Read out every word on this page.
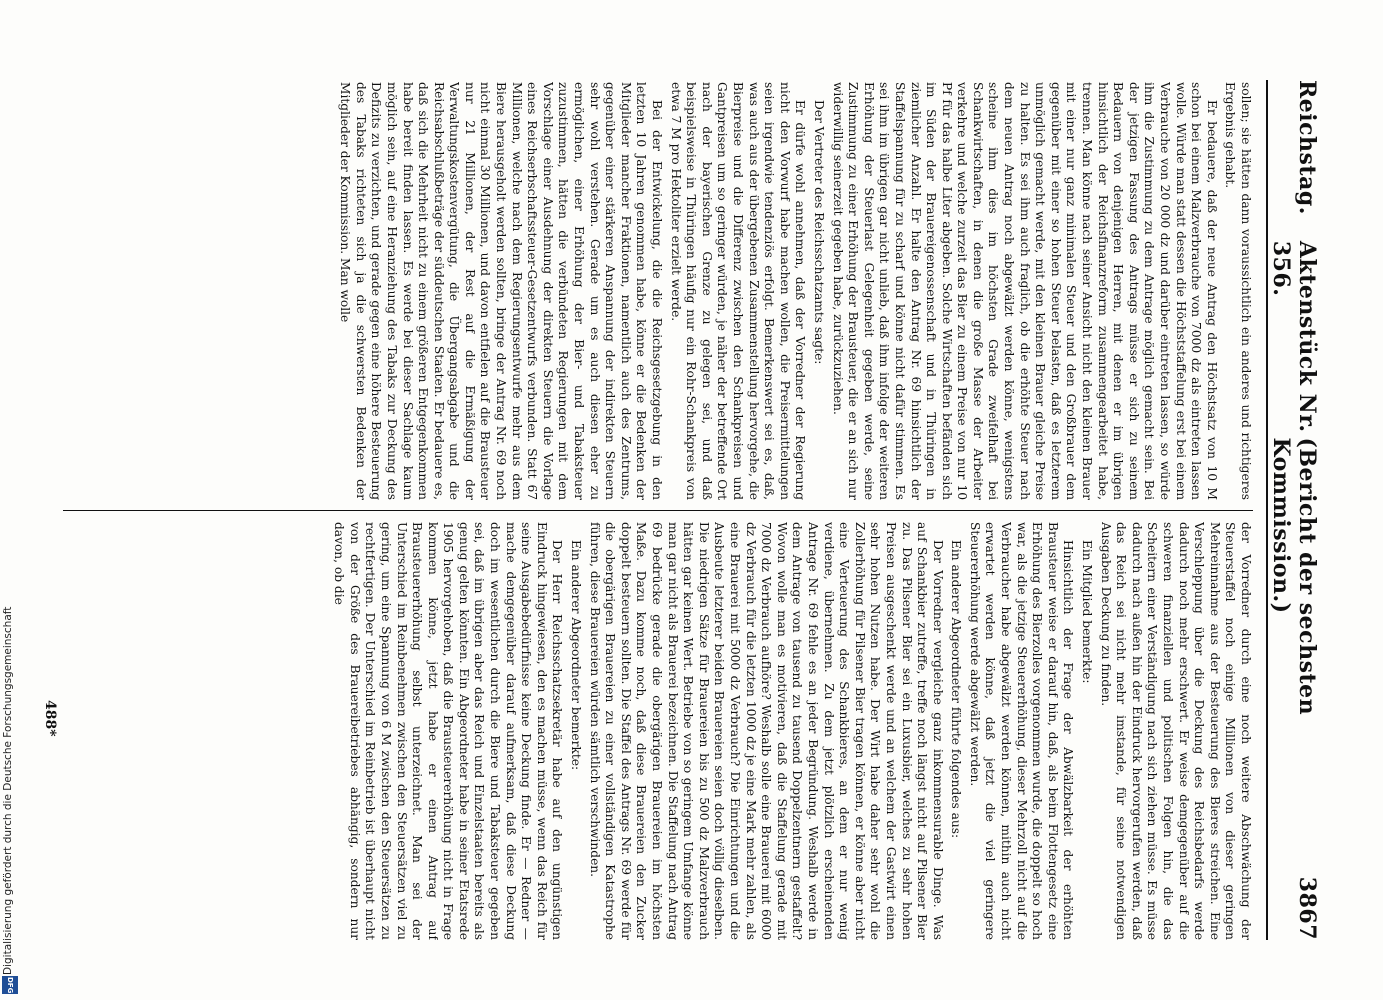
Reichstag.
Aktenstück Nr. 356.
(Bericht der sechsten Kommission.)
3867

sollen; sie hätten dann voraussichtlich ein anderes und richtigeres Ergebnis gehabt.

Er bedauere, daß der neue Antrag den Höchstsatz von 10 M schon bei einem Malzverbrauche von 7000 dz als eintreten lassen wolle. Würde man statt dessen die Höchststaffelung erst bei einem Verbrauche von 20 000 dz und darüber eintreten lassen, so würde ihm die Zustimmung zu dem Antrage möglich gemacht sein. Bei der jetzigen Fassung des Antrags müsse er sich zu seinem Bedauern von denjenigen Herren, mit denen er im übrigen hinsichtlich der Reichsfinanzreform zusammengearbeitet habe, trennen. Man könne nach seiner Ansicht nicht den kleinen Brauer mit einer nur ganz minimalen Steuer und den Großbrauer dem gegenüber mit einer so hohen Steuer belasten, daß es letzterem unmöglich gemacht werde, mit den kleinen Brauer gleiche Preise zu halten. Es sei ihm auch fraglich, ob die erhöhte Steuer nach dem neuen Antrag noch abgewälzt werden könne, wenigstens scheine ihm dies im höchsten Grade zweifelhaft bei Schankwirtschaften, in denen die große Masse der Arbeiter verkehre und welche zurzeit das Bier zu einem Preise von nur 10 Pf für das halbe Liter abgeben. Solche Wirtschaften befänden sich im Süden der Brauereigenossenschaft und in Thüringen in ziemlicher Anzahl. Er halte den Antrag Nr. 69 hinsichtlich der Staffelspannung für zu scharf und könne nicht dafür stimmen. Es sei ihm im übrigen gar nicht unlieb, daß ihm infolge der weiteren Erhöhung der Steuerlast Gelegenheit gegeben werde, seine Zustimmung zu einer Erhöhung der Brausteuer, die er an sich nur widerwillig seinerzeit gegeben habe, zurückzuziehen.

Der Vertreter des Reichsschatzamts sagte:

Er dürfe wohl annehmen, daß der Vorredner der Regierung nicht den Vorwurf habe machen wollen, die Preisermittelungen seien irgendwie tendenziös erfolgt. Bemerkenswert sei es, daß, was auch aus der übergebenen Zusammenstellung hervorgehe, die Bierpreise und die Differenz zwischen den Schankpreisen und Gantpreisen um so geringer würden, je näher der betreffende Ort nach der bayerischen Grenze zu gelegen sei, und daß beispielsweise in Thüringen häufig nur ein Rohr-Schankpreis von etwa 7 M pro Hektoliter erzielt werde.

Bei der Entwickelung, die die Reichsgesetzgebung in den letzten 10 Jahren genommen habe, könne er die Bedenken der Mitglieder mancher Fraktionen, namentlich auch des Zentrums, gegenüber einer stärkeren Anspannung der indirekten Steuern sehr wohl verstehen. Gerade um es auch diesen eher zu ermöglichen, einer Erhöhung der Bier- und Tabaksteuer zuzustimmen, hätten die verbündeten Regierungen mit dem Vorschlage einer Ausdehnung der direkten Steuern die Vorlage eines Reichserbschaftssteuer-Gesetzentwurfs verbunden. Statt 67 Millionen, welche nach dem Regierungsentwurfe mehr aus dem Biere herausgeholt werden sollten, bringe der Antrag Nr. 69 noch nicht einmal 30 Millionen, und davon entfielen auf die Brausteuer nur 21 Millionen, der Rest auf die Ermäßigung der Verwaltungskostenvergütung, die Übergangsabgabe und die Reichsabschlußbeträge der süddeutschen Staaten. Er bedauere es, daß sich die Mehrheit nicht zu einem größeren Entgegenkommen habe bereit finden lassen. Es werde bei dieser Sachlage kaum möglich sein, auf eine Heranziehung des Tabaks zur Deckung des Defizits zu verzichten, und gerade gegen eine höhere Besteuerung des Tabaks richteten sich ja die schwersten Bedenken der Mitglieder der Kommission. Man wolle

der Vorredner durch eine noch weitere Abschwächung der Steuerstaffel noch einige Millionen von dieser geringen Mehreinnahme aus der Besteuerung des Bieres streichen. Eine Verschleppung über die Deckung des Reichsbedarfs werde dadurch noch mehr erschwert. Er weise demgegenüber auf die schweren finanziellen und politischen Folgen hin, die das Scheitern einer Verständigung nach sich ziehen müsse. Es müsse dadurch nach außen hin der Eindruck hervorgerufen werden, daß das Reich sei nicht mehr imstande, für seine notwendigen Ausgaben Deckung zu finden.

Ein Mitglied bemerkte:

Hinsichtlich der Frage der Abwälzbarkeit der erhöhten Brausteuer weise er darauf hin, daß, als beim Flottengesetz eine Erhöhung des Bierzolles vorgenommen wurde, die doppelt so hoch war, als die jetzige Steuererhöhung, dieser Mehrzoll nicht auf die Verbraucher habe abgewälzt werden können, mithin auch nicht erwartet werden könne, daß jetzt die viel geringere Steuererhöhung werde abgewälzt werden.

Ein anderer Abgeordneter führte folgendes aus:

Der Vorredner vergleiche ganz inkommensurable Dinge. Was auf Schankbier zutreffe, treffe noch längst nicht auf Pilsener Bier zu. Das Pilsener Bier sei ein Luxusbier, welches zu sehr hohen Preisen ausgeschenkt werde und an welchem der Gastwirt einen sehr hohen Nutzen habe. Der Wirt habe daher sehr wohl die Zollerhöhung für Pilsener Bier tragen können, er könne aber nicht eine Verteuerung des Schankbieres, an dem er nur wenig verdiene, übernehmen. Zu dem jetzt plötzlich erscheinenden Antrage Nr. 69 fehle es an jeder Begründung. Weshalb werde in dem Antrage von tausend zu tausend Doppelzentnern gestaffelt? Wovon wolle man es motivieren, daß die Staffelung gerade mit 7000 dz Verbrauch aufhöre? Weshalb solle eine Brauerei mit 6000 dz Verbrauch für die letzten 1000 dz je eine Mark mehr zahlen, als eine Brauerei mit 5000 dz Verbrauch? Die Einrichtungen und die Ausbeute letzterer beiden Brauereien seien doch völlig dieselben. Die niedrigen Sätze für Brauereien bis zu 500 dz Malzverbrauch hätten gar keinen Wert. Betriebe von so geringem Umfange könne man gar nicht als Brauerei bezeichnen. Die Staffelung nach Antrag 69 bedrücke gerade die obergärigen Brauereien im höchsten Maße. Dazu komme noch, daß diese Brauereien den Zucker doppelt besteuern sollten. Die Staffel des Antrags Nr. 69 werde für die obergärigen Brauereien zu einer vollständigen Katastrophe führen, diese Brauereien würden sämtlich verschwinden.

Ein anderer Abgeordneter bemerkte:

Der Herr Reichsschatzsekretär habe auf den ungünstigen Eindruck hingewiesen, den es machen müsse, wenn das Reich für seine Ausgabebedürfnisse keine Deckung finde. Er — Redner — mache demgegenüber darauf aufmerksam, daß diese Deckung doch im wesentlichen durch die Biere und Tabaksteuer gegeben sei, daß im übrigen aber das Reich und Einzelstaaten bereits als genug gelten könnten. Ein Abgeordneter habe in seiner Etatsrede 1905 hervorgehoben, daß die Brausteuererhöhung nicht in Frage kommen könne, jetzt habe er einen Antrag auf Brausteuererhöhung selbst unterzeichnet. Man sei der Unterschied im Reinbenehmen zwischen den Steuersätzen viel zu gering, um eine Spannung von 6 M zwischen den Steuersätzen zu rechtfertigen. Der Unterschied im Reinbetrieb ist überhaupt nicht von der Größe des Brauereibetriebes abhängig, sondern nur davon, ob die

488*
Digitalisierung gefördert durch die Deutsche Forschungsgemeinschaft
DFG
